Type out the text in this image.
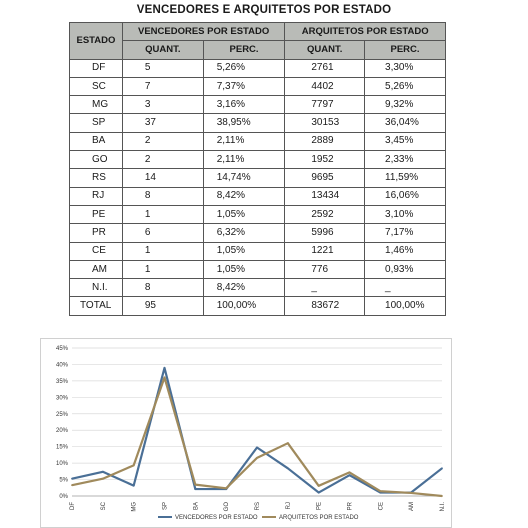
VENCEDORES E ARQUITETOS POR ESTADO
ESTADO	VENCEDORES POR ESTADO		ARQUITETOS POR ESTADO	
	QUANT.	PERC.	QUANT.	PERC.
DF	5	5,26%	2761	3,30%
SC	7	7,37%	4402	5,26%
MG	3	3,16%	7797	9,32%
SP	37	38,95%	30153	36,04%
BA	2	2,11%	2889	3,45%
GO	2	2,11%	1952	2,33%
RS	14	14,74%	9695	11,59%
RJ	8	8,42%	13434	16,06%
PE	1	1,05%	2592	3,10%
PR	6	6,32%	5996	7,17%
CE	1	1,05%	1221	1,46%
AM	1	1,05%	776	0,93%
N.I.	8	8,42%	_	_
TOTAL	95	100,00%	83672	100,00%
0%
5%
10%
15%
20%
25%
30%
35%
40%
45%
DF	SC	MG	SP	BA	GO	RS	RJ	PE	PR	CE	AM	N.I.
VENCEDORES POR ESTADO	ARQUITETOS POR ESTADO
